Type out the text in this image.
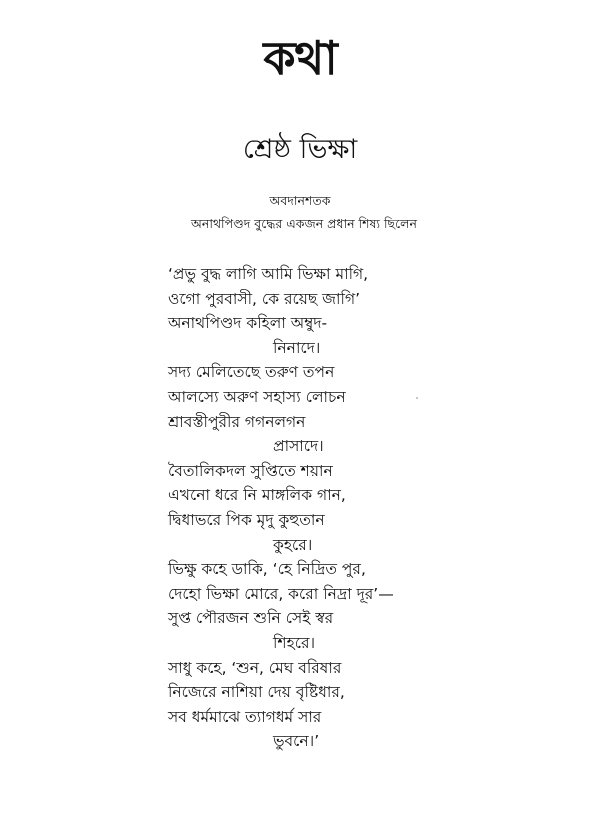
কথা
শ্রেষ্ঠ ভিক্ষা
অবদানশতক
অনাথপিণ্ডদ বুদ্ধের একজন প্রধান শিষ্য ছিলেন
‘প্রভু বুদ্ধ লাগি আমি ভিক্ষা মাগি,
ওগো পুরবাসী, কে রয়েছ জাগি’
অনাথপিণ্ডদ কহিলা অম্বুদ-
নিনাদে।
সদ্য মেলিতেছে তরুণ তপন
আলস্যে অরুণ সহাস্য লোচন
শ্রাবস্তীপুরীর গগনলগন
প্রাসাদে।
বৈতালিকদল সুপ্তিতে শয়ান
এখনো ধরে নি মাঙ্গলিক গান,
দ্বিধাভরে পিক মৃদু কুহুতান
কুহরে।
ভিক্ষু কহে ডাকি, ‘হে নিদ্রিত পুর,
দেহো ভিক্ষা মোরে, করো নিদ্রা দূর’—
সুপ্ত পৌরজন শুনি সেই স্বর
শিহরে।
সাধু কহে, ‘শুন, মেঘ বরিষার
নিজেরে নাশিয়া দেয় বৃষ্টিধার,
সব ধর্মমাঝে ত্যাগধর্ম সার
ভুবনে।’
